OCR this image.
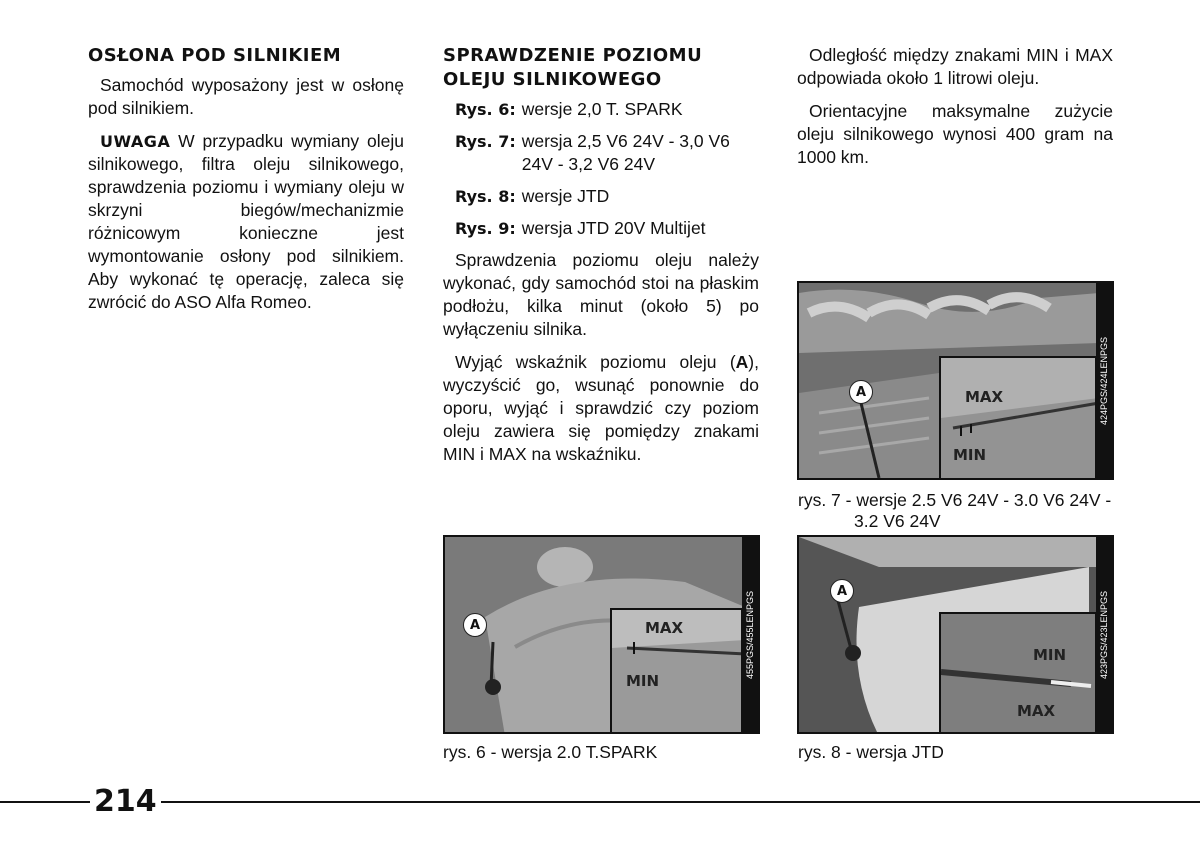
OSŁONA POD SILNIKIEM

Samochód wyposażony jest w osłonę pod silnikiem.

UWAGA W przypadku wymiany oleju silnikowego, filtra oleju silnikowego, sprawdzenia poziomu i wymiany oleju w skrzyni biegów/mechanizmie różnicowym konieczne jest wymontowanie osłony pod silnikiem. Aby wykonać tę operację, zaleca się zwrócić do ASO Alfa Romeo.

SPRAWDZENIE POZIOMU OLEJU SILNIKOWEGO
Rys. 6: wersje 2,0 T. SPARK
Rys. 7: wersja 2,5 V6 24V - 3,0 V6 24V - 3,2 V6 24V
Rys. 8: wersje JTD
Rys. 9: wersja JTD 20V Multijet

Sprawdzenia poziomu oleju należy wykonać, gdy samochód stoi na płaskim podłożu, kilka minut (około 5) po wyłączeniu silnika.

Wyjąć wskaźnik poziomu oleju (A), wyczyścić go, wsunąć ponownie do oporu, wyjąć i sprawdzić czy poziom oleju zawiera się pomiędzy znakami MIN i MAX na wskaźniku.

Odległość między znakami MIN i MAX odpowiada około 1 litrowi oleju.

Orientacyjne maksymalne zużycie oleju silnikowego wynosi 400 gram na 1000 km.

A	MAX
MIN
424PGS/424LENPGS
rys. 7 - wersje 2.5 V6 24V - 3.0 V6 24V -
3.2 V6 24V
A	MAX
MIN
455PGS/455LENPGS
rys. 6 - wersja 2.0 T.SPARK
A
MIN
MAX
423PGS/423LENPGS
rys. 8 - wersja JTD
214
